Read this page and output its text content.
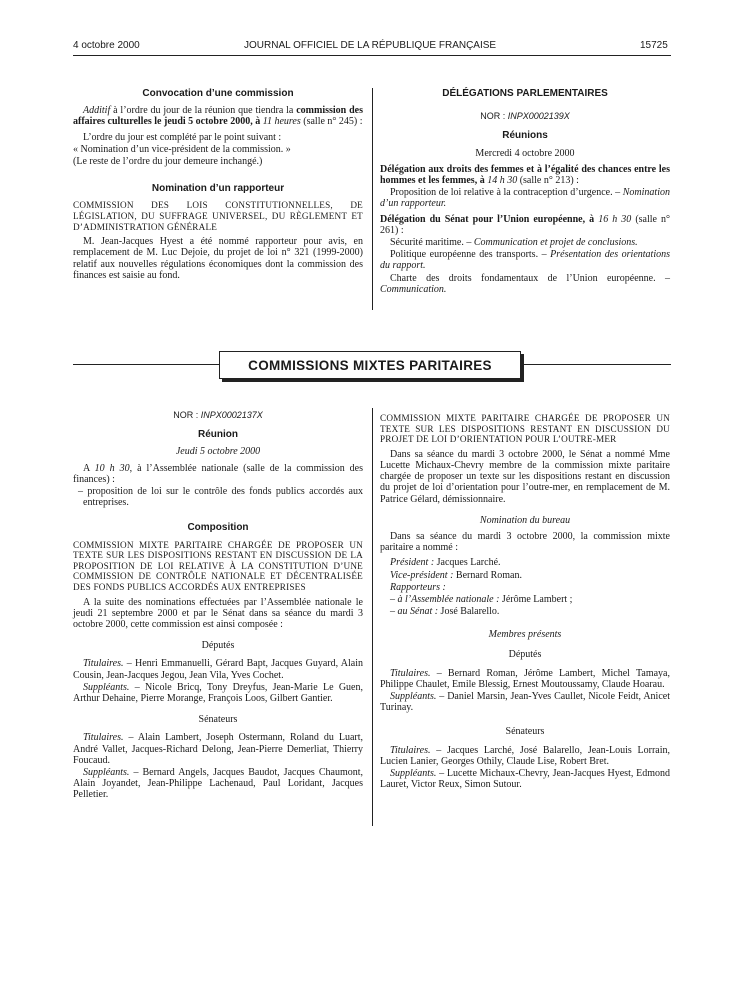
4 octobre 2000	JOURNAL OFFICIEL DE LA RÉPUBLIQUE FRANÇAISE	15725
Convocation d’une commission

Additif à l’ordre du jour de la réunion que tiendra la commission des affaires culturelles le jeudi 5 octobre 2000, à 11 heures (salle n° 245) :

L’ordre du jour est complété par le point suivant :

« Nomination d’un vice-président de la commission. »

(Le reste de l’ordre du jour demeure inchangé.)

Nomination d’un rapporteur

COMMISSION DES LOIS CONSTITUTIONNELLES, DE LÉGISLATION, DU SUFFRAGE UNIVERSEL, DU RÈGLEMENT ET D’ADMINISTRATION GÉNÉRALE

M. Jean-Jacques Hyest a été nommé rapporteur pour avis, en remplacement de M. Luc Dejoie, du projet de loi n° 321 (1999-2000) relatif aux nouvelles régulations économiques dont la commission des finances est saisie au fond.

DÉLÉGATIONS PARLEMENTAIRES
NOR : INPX0002139X
Réunions
Mercredi 4 octobre 2000

Délégation aux droits des femmes et à l’égalité des chances entre les hommes et les femmes, à 14 h 30 (salle n° 213) :

Proposition de loi relative à la contraception d’urgence. – Nomination d’un rapporteur.

Délégation du Sénat pour l’Union européenne, à 16 h 30 (salle n° 261) :

Sécurité maritime. – Communication et projet de conclusions.

Politique européenne des transports. – Présentation des orientations du rapport.

Charte des droits fondamentaux de l’Union européenne. – Communication.

COMMISSIONS MIXTES PARITAIRES
NOR : INPX0002137X
Réunion
Jeudi 5 octobre 2000

A 10 h 30, à l’Assemblée nationale (salle de la commission des finances) :

– proposition de loi sur le contrôle des fonds publics accordés aux entreprises.

Composition

COMMISSION MIXTE PARITAIRE CHARGÉE DE PROPOSER UN TEXTE SUR LES DISPOSITIONS RESTANT EN DISCUSSION DE LA PROPOSITION DE LOI RELATIVE À LA CONSTITUTION D’UNE COMMISSION DE CONTRÔLE NATIONALE ET DÉCENTRALISÉE DES FONDS PUBLICS ACCORDÉS AUX ENTREPRISES

A la suite des nominations effectuées par l’Assemblée nationale le jeudi 21 septembre 2000 et par le Sénat dans sa séance du mardi 3 octobre 2000, cette commission est ainsi composée :

Députés

Titulaires. – Henri Emmanuelli, Gérard Bapt, Jacques Guyard, Alain Cousin, Jean-Jacques Jegou, Jean Vila, Yves Cochet.

Suppléants. – Nicole Bricq, Tony Dreyfus, Jean-Marie Le Guen, Arthur Dehaine, Pierre Morange, François Loos, Gilbert Gantier.

Sénateurs

Titulaires. – Alain Lambert, Joseph Ostermann, Roland du Luart, André Vallet, Jacques-Richard Delong, Jean-Pierre Demerliat, Thierry Foucaud.

Suppléants. – Bernard Angels, Jacques Baudot, Jacques Chaumont, Alain Joyandet, Jean-Philippe Lachenaud, Paul Loridant, Jacques Pelletier.

COMMISSION MIXTE PARITAIRE CHARGÉE DE PROPOSER UN TEXTE SUR LES DISPOSITIONS RESTANT EN DISCUSSION DU PROJET DE LOI D’ORIENTATION POUR L’OUTRE-MER

Dans sa séance du mardi 3 octobre 2000, le Sénat a nommé Mme Lucette Michaux-Chevry membre de la commission mixte paritaire chargée de proposer un texte sur les dispositions restant en discussion du projet de loi d’orientation pour l’outre-mer, en remplacement de M. Patrice Gélard, démissionnaire.

Nomination du bureau

Dans sa séance du mardi 3 octobre 2000, la commission mixte paritaire a nommé :

Président : Jacques Larché.

Vice-président : Bernard Roman.

Rapporteurs :

– à l’Assemblée nationale : Jérôme Lambert ;

– au Sénat : José Balarello.

Membres présents
Députés

Titulaires. – Bernard Roman, Jérôme Lambert, Michel Tamaya, Philippe Chaulet, Emile Blessig, Ernest Moutoussamy, Claude Hoarau.

Suppléants. – Daniel Marsin, Jean-Yves Caullet, Nicole Feidt, Anicet Turinay.

Sénateurs

Titulaires. – Jacques Larché, José Balarello, Jean-Louis Lorrain, Lucien Lanier, Georges Othily, Claude Lise, Robert Bret.

Suppléants. – Lucette Michaux-Chevry, Jean-Jacques Hyest, Edmond Lauret, Victor Reux, Simon Sutour.
